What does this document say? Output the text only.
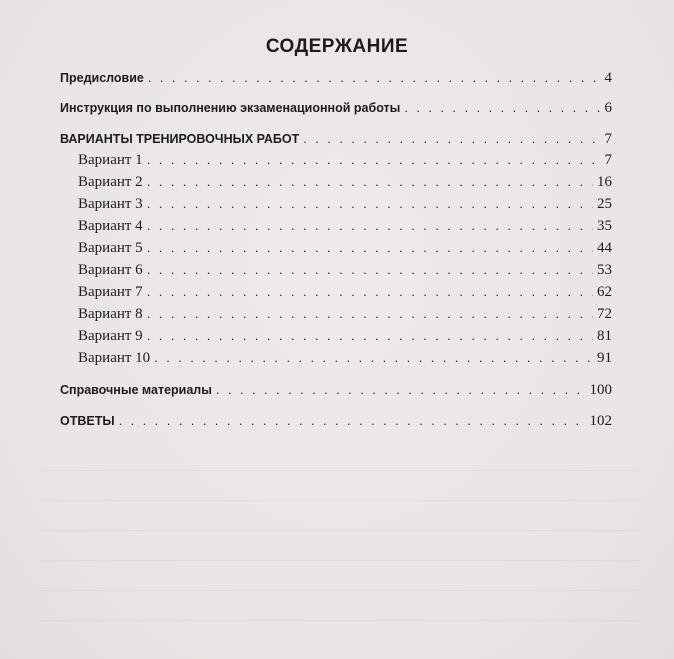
СОДЕРЖАНИЕ
Предисловие . . .	4
Инструкция по выполнению экзаменационной работы . . .	6
ВАРИАНТЫ ТРЕНИРОВОЧНЫХ РАБОТ . . .	7
Вариант 1 . . .	7
Вариант 2 . . .	16
Вариант 3 . . .	25
Вариант 4 . . .	35
Вариант 5 . . .	44
Вариант 6 . . .	53
Вариант 7 . . .	62
Вариант 8 . . .	72
Вариант 9 . . .	81
Вариант 10 . . .	91
Справочные материалы . . .	100
ОТВЕТЫ . . .	102
